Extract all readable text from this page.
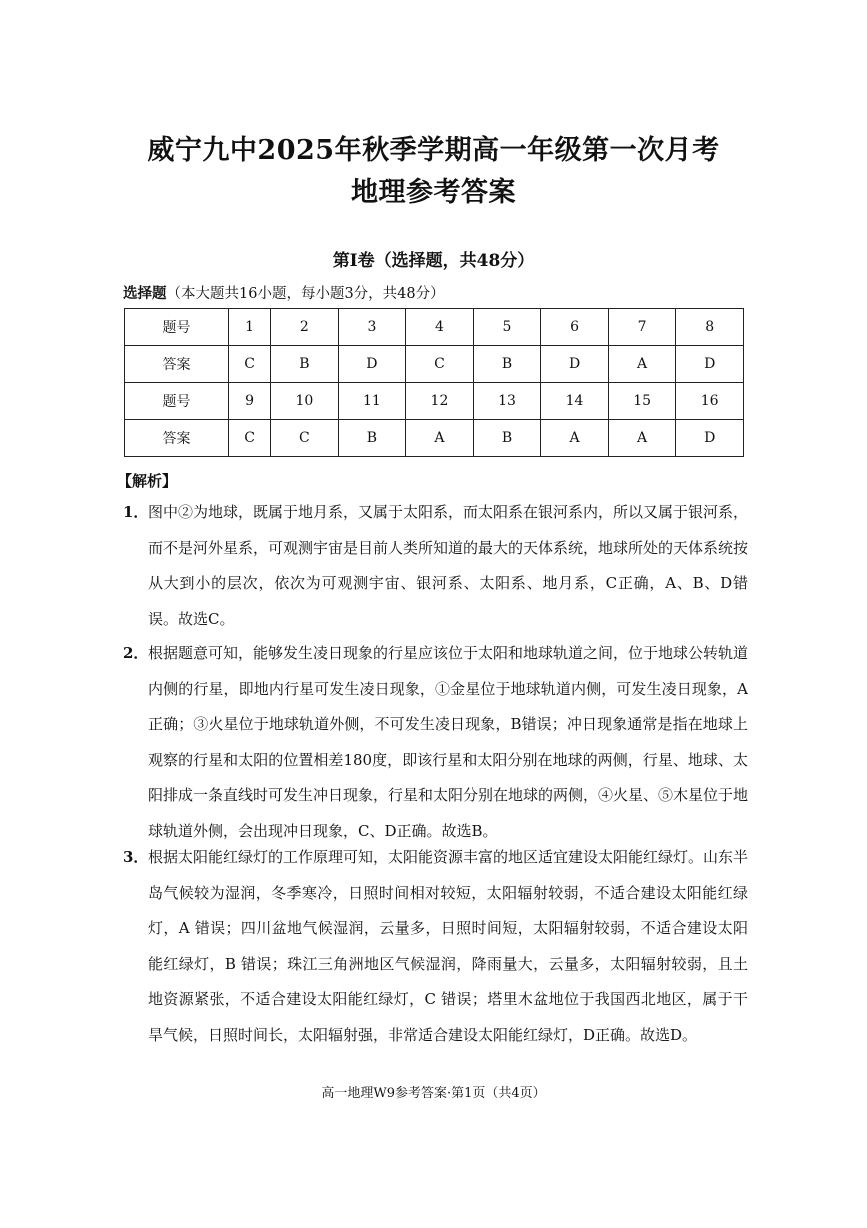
威宁九中2025年秋季学期高一年级第一次月考
地理参考答案
第Ⅰ卷（选择题，共48分）
选择题（本大题共16小题，每小题3分，共48分）
题号	1	2	3	4	5	6	7	8
答案	C	B	D	C	B	D	A	D
题号	9	10	11	12	13	14	15	16
答案	C	C	B	A	B	A	A	D
【解析】
1． 图中②为地球，既属于地月系，又属于太阳系，而太阳系在银河系内，所以又属于银河系，而不是河外星系，可观测宇宙是目前人类所知道的最大的天体系统，地球所处的天体系统按从大到小的层次，依次为可观测宇宙、银河系、太阳系、地月系，C正确，A、B、D错误。故选C。
2． 根据题意可知，能够发生凌日现象的行星应该位于太阳和地球轨道之间，位于地球公转轨道内侧的行星，即地内行星可发生凌日现象，①金星位于地球轨道内侧，可发生凌日现象，A正确；③火星位于地球轨道外侧，不可发生凌日现象，B错误；冲日现象通常是指在地球上观察的行星和太阳的位置相差180度，即该行星和太阳分别在地球的两侧，行星、地球、太阳排成一条直线时可发生冲日现象，行星和太阳分别在地球的两侧，④火星、⑤木星位于地球轨道外侧，会出现冲日现象，C、D正确。故选B。
3． 根据太阳能红绿灯的工作原理可知，太阳能资源丰富的地区适宜建设太阳能红绿灯。山东半岛气候较为湿润，冬季寒冷，日照时间相对较短，太阳辐射较弱，不适合建设太阳能红绿灯，A 错误；四川盆地气候湿润，云量多，日照时间短，太阳辐射较弱，不适合建设太阳能红绿灯，B 错误；珠江三角洲地区气候湿润，降雨量大，云量多，太阳辐射较弱，且土地资源紧张，不适合建设太阳能红绿灯，C 错误；塔里木盆地位于我国西北地区，属于干旱气候，日照时间长，太阳辐射强，非常适合建设太阳能红绿灯，D正确。故选D。
高一地理W9参考答案·第1页（共4页）
